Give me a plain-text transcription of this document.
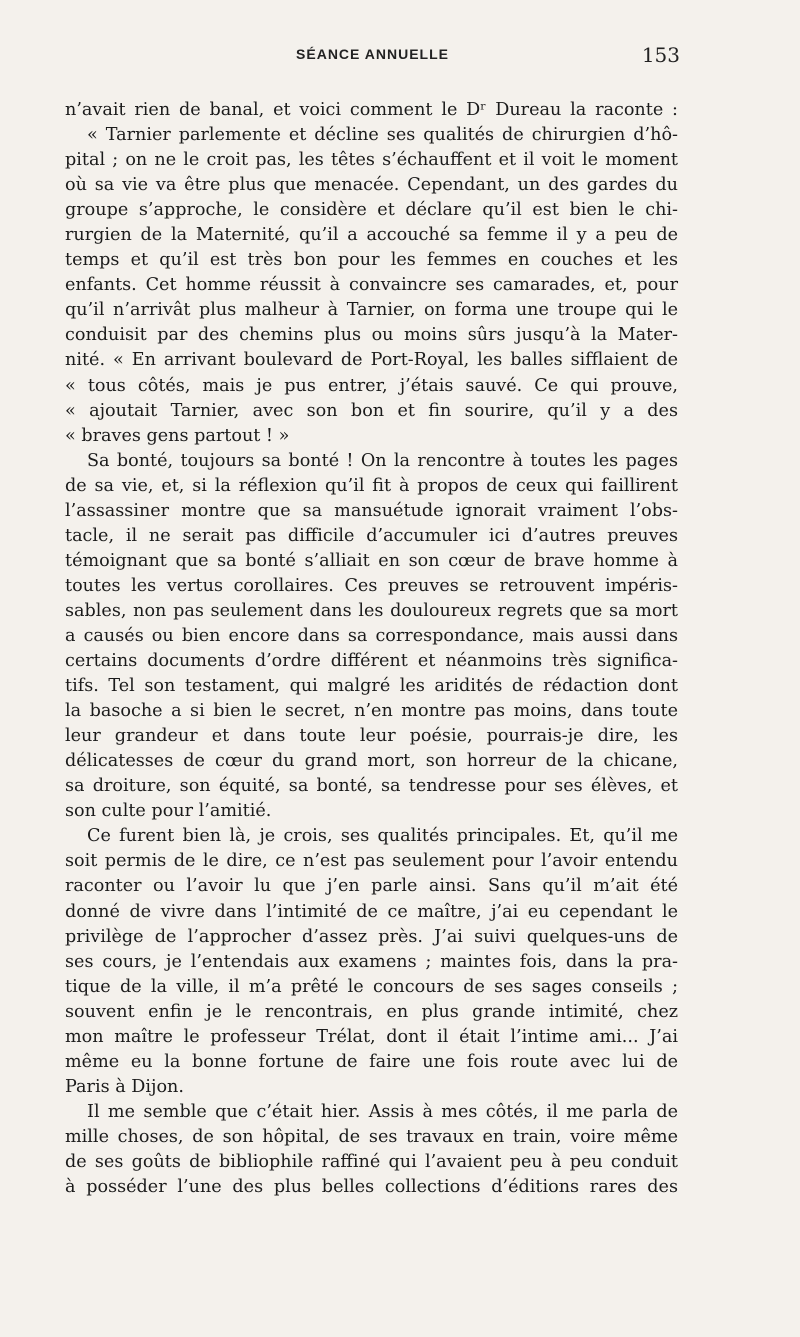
SÉANCE ANNUELLE	153
n’avait rien de banal, et voici comment le Dʳ Dureau la raconte :
« Tarnier parlemente et décline ses qualités de chirurgien d’hô-
pital ; on ne le croit pas, les têtes s’échauffent et il voit le moment
où sa vie va être plus que menacée. Cependant, un des gardes du
groupe s’approche, le considère et déclare qu’il est bien le chi-
rurgien de la Maternité, qu’il a accouché sa femme il y a peu de
temps et qu’il est très bon pour les femmes en couches et les
enfants. Cet homme réussit à convaincre ses camarades, et, pour
qu’il n’arrivât plus malheur à Tarnier, on forma une troupe qui le
conduisit par des chemins plus ou moins sûrs jusqu’à la Mater-
nité. « En arrivant boulevard de Port-Royal, les balles sifflaient de
« tous côtés, mais je pus entrer, j’étais sauvé. Ce qui prouve,
« ajoutait Tarnier, avec son bon et fin sourire, qu’il y a des
« braves gens partout ! »
Sa bonté, toujours sa bonté ! On la rencontre à toutes les pages
de sa vie, et, si la réflexion qu’il fit à propos de ceux qui faillirent
l’assassiner montre que sa mansuétude ignorait vraiment l’obs-
tacle, il ne serait pas difficile d’accumuler ici d’autres preuves
témoignant que sa bonté s’alliait en son cœur de brave homme à
toutes les vertus corollaires. Ces preuves se retrouvent impéris-
sables, non pas seulement dans les douloureux regrets que sa mort
a causés ou bien encore dans sa correspondance, mais aussi dans
certains documents d’ordre différent et néanmoins très significa-
tifs. Tel son testament, qui malgré les aridités de rédaction dont
la basoche a si bien le secret, n’en montre pas moins, dans toute
leur grandeur et dans toute leur poésie, pourrais-je dire, les
délicatesses de cœur du grand mort, son horreur de la chicane,
sa droiture, son équité, sa bonté, sa tendresse pour ses élèves, et
son culte pour l’amitié.
Ce furent bien là, je crois, ses qualités principales. Et, qu’il me
soit permis de le dire, ce n’est pas seulement pour l’avoir entendu
raconter ou l’avoir lu que j’en parle ainsi. Sans qu’il m’ait été
donné de vivre dans l’intimité de ce maître, j’ai eu cependant le
privilège de l’approcher d’assez près. J’ai suivi quelques-uns de
ses cours, je l’entendais aux examens ; maintes fois, dans la pra-
tique de la ville, il m’a prêté le concours de ses sages conseils ;
souvent enfin je le rencontrais, en plus grande intimité, chez
mon maître le professeur Trélat, dont il était l’intime ami... J’ai
même eu la bonne fortune de faire une fois route avec lui de
Paris à Dijon.
Il me semble que c’était hier. Assis à mes côtés, il me parla de
mille choses, de son hôpital, de ses travaux en train, voire même
de ses goûts de bibliophile raffiné qui l’avaient peu à peu conduit
à posséder l’une des plus belles collections d’éditions rares des
